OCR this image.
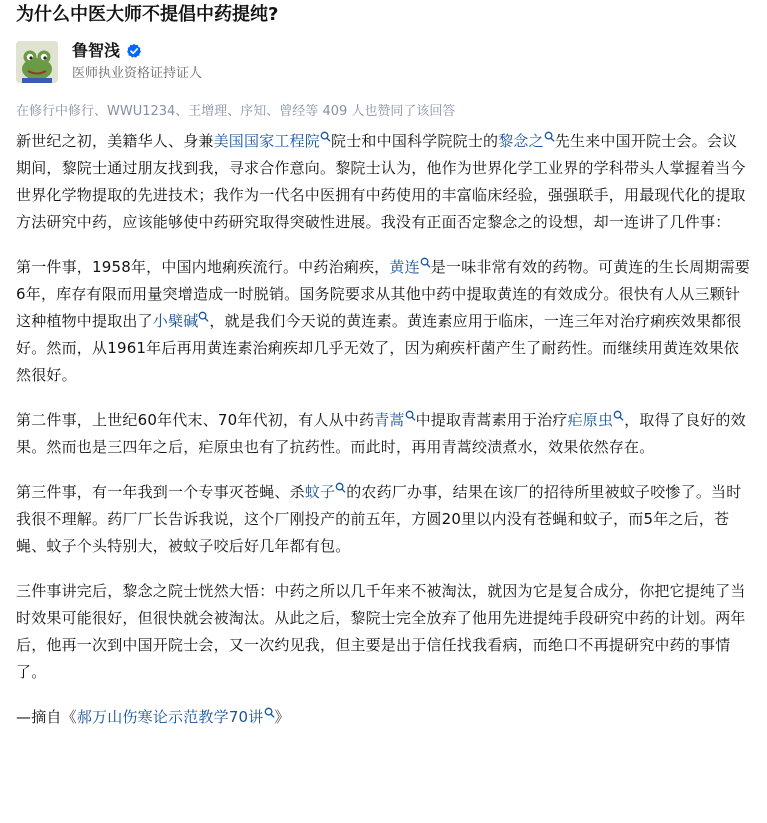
为什么中医大师不提倡中药提纯?
鲁智浅
医师执业资格证持证人
在修行中修行、WWU1234、王增理、序知、曾经等 409 人也赞同了该回答

新世纪之初，美籍华人、身兼美国国家工程院 院士和中国科学院院士的黎念之 先生来中国开院士会。会议期间，黎院士通过朋友找到我，寻求合作意向。黎院士认为，他作为世界化学工业界的学科带头人掌握着当今世界化学物提取的先进技术；我作为一代名中医拥有中药使用的丰富临床经验，强强联手，用最现代化的提取方法研究中药，应该能够使中药研究取得突破性进展。我没有正面否定黎念之的设想，却一连讲了几件事：

第一件事，1958年，中国内地痢疾流行。中药治痢疾，黄连 是一味非常有效的药物。可黄连的生长周期需要6年，库存有限而用量突增造成一时脱销。国务院要求从其他中药中提取黄连的有效成分。很快有人从三颗针这种植物中提取出了小檗碱 ，就是我们今天说的黄连素。黄连素应用于临床，一连三年对治疗痢疾效果都很好。然而，从1961年后再用黄连素治痢疾却几乎无效了，因为痢疾杆菌产生了耐药性。而继续用黄连效果依然很好。

第二件事，上世纪60年代末、70年代初，有人从中药青蒿 中提取青蒿素用于治疗疟原虫 ，取得了良好的效果。然而也是三四年之后，疟原虫也有了抗药性。而此时，再用青蒿绞渍煮水，效果依然存在。

第三件事，有一年我到一个专事灭苍蝇、杀蚊子 的农药厂办事，结果在该厂的招待所里被蚊子咬惨了。当时我很不理解。药厂厂长告诉我说，这个厂刚投产的前五年，方圆20里以内没有苍蝇和蚊子，而5年之后，苍蝇、蚊子个头特别大，被蚊子咬后好几年都有包。

三件事讲完后，黎念之院士恍然大悟：中药之所以几千年来不被淘汰，就因为它是复合成分，你把它提纯了当时效果可能很好，但很快就会被淘汰。从此之后，黎院士完全放弃了他用先进提纯手段研究中药的计划。两年后，他再一次到中国开院士会，又一次约见我，但主要是出于信任找我看病，而绝口不再提研究中药的事情了。

—摘自《郝万山伤寒论示范教学70讲 》
